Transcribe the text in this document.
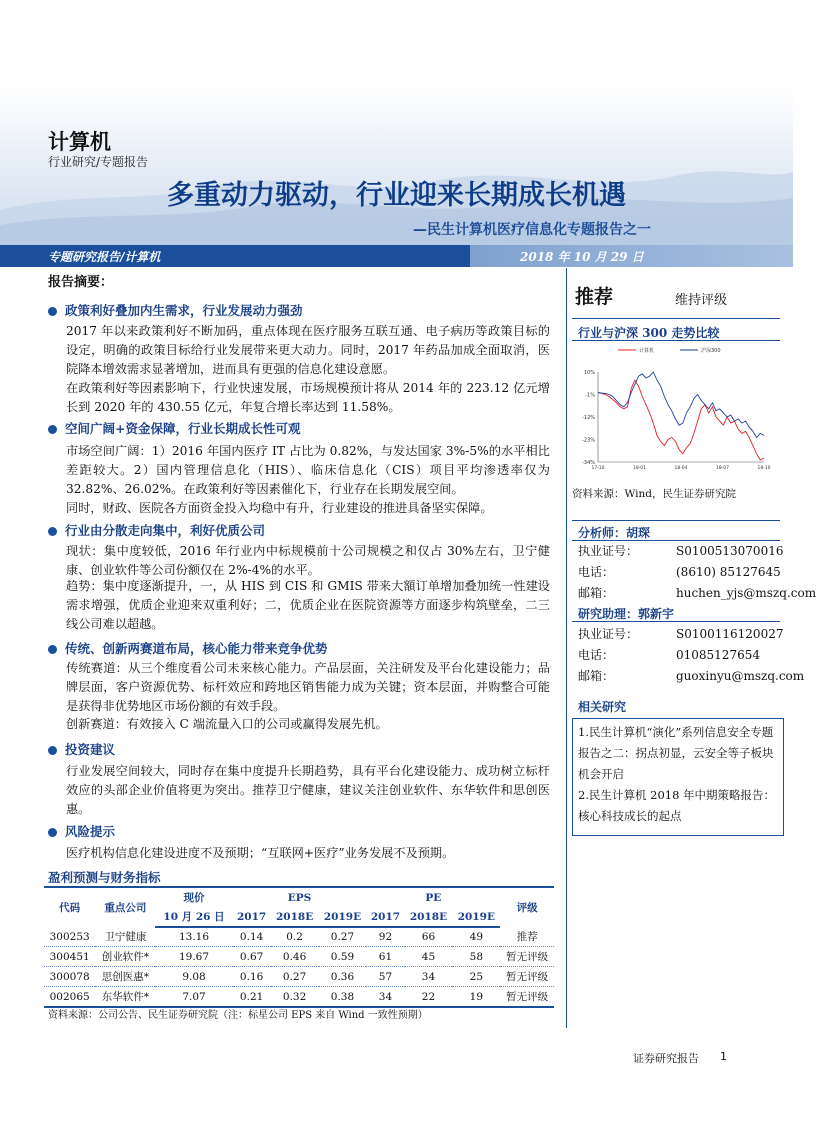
计算机
行业研究/专题报告
多重动力驱动，行业迎来长期成长机遇
—民生计算机医疗信息化专题报告之一
专题研究报告/计算机	2018 年 10 月 29 日
报告摘要：
政策利好叠加内生需求，行业发展动力强劲
2017 年以来政策利好不断加码，重点体现在医疗服务互联互通、电子病历等政策目标的设定，明确的政策目标给行业发展带来更大动力。同时，2017 年药品加成全面取消，医院降本增效需求显著增加，进而具有更强的信息化建设意愿。
在政策利好等因素影响下，行业快速发展，市场规模预计将从 2014 年的 223.12 亿元增长到 2020 年的 430.55 亿元，年复合增长率达到 11.58%。
空间广阔+资金保障，行业长期成长性可观
市场空间广阔：1）2016 年国内医疗 IT 占比为 0.82%，与发达国家 3%-5%的水平相比差距较大。2）国内管理信息化（HIS）、临床信息化（CIS）项目平均渗透率仅为 32.82%、26.02%。在政策利好等因素催化下，行业存在长期发展空间。
同时，财政、医院各方面资金投入均稳中有升，行业建设的推进具备坚实保障。
行业由分散走向集中，利好优质公司
现状：集中度较低，2016 年行业内中标规模前十公司规模之和仅占 30%左右，卫宁健康、创业软件等公司份额仅在 2%-4%的水平。
趋势：集中度逐渐提升，一，从 HIS 到 CIS 和 GMIS 带来大額订单增加叠加统一性建设需求增强，优质企业迎来双重利好；二，优质企业在医院资源等方面逐步构筑壁垒，二三线公司难以超越。
传统、创新两赛道布局，核心能力带来竞争优势
传统赛道：从三个维度看公司未来核心能力。产品层面，关注研发及平台化建设能力；品牌层面，客户资源优势、标杆效应和跨地区销售能力成为关键；资本层面，并购整合可能是获得非优势地区市场份额的有效手段。
创新赛道：有效接入 C 端流量入口的公司或赢得发展先机。
投资建议
行业发展空间较大，同时存在集中度提升长期趋势，具有平台化建设能力、成功树立标杆效应的头部企业价值将更为突出。推荐卫宁健康，建议关注创业软件、东华软件和思创医惠。
风险提示
医疗机构信息化建设进度不及预期；“互联网+医疗”业务发展不及预期。
推荐	维持评级
行业与沪深 300 走势比较
10%
-1%
-12%
-23%
-34%
17-10	18-01	18-04	18-07	18-10
计算机	沪深300
资料来源：Wind，民生证券研究院
分析师：胡琛
执业证号：	S0100513070016
电话：	(8610) 85127645
邮箱：	huchen_yjs@mszq.com
研究助理：郭新宇
执业证号：	S0100116120027
电话：	01085127654
邮箱：	guoxinyu@mszq.com
相关研究
1.民生计算机“演化”系列信息安全专题报告之二：拐点初显，云安全等子板块机会开启
2.民生计算机 2018 年中期策略报告：核心科技成长的起点
盈利预测与财务指标
代码	重点公司	现价	EPS			PE			评级
		10 月 26 日	2017	2018E	2019E	2017	2018E	2019E	
300253	卫宁健康	13.16	0.14	0.2	0.27	92	66	49	推荐
300451	创业软件*	19.67	0.67	0.46	0.59	61	45	58	暂无评级
300078	思创医惠*	9.08	0.16	0.27	0.36	57	34	25	暂无评级
002065	东华软件*	7.07	0.21	0.32	0.38	34	22	19	暂无评级
资料来源：公司公告、民生证券研究院（注：标星公司 EPS 来自 Wind 一致性预期）
证券研究报告 1
